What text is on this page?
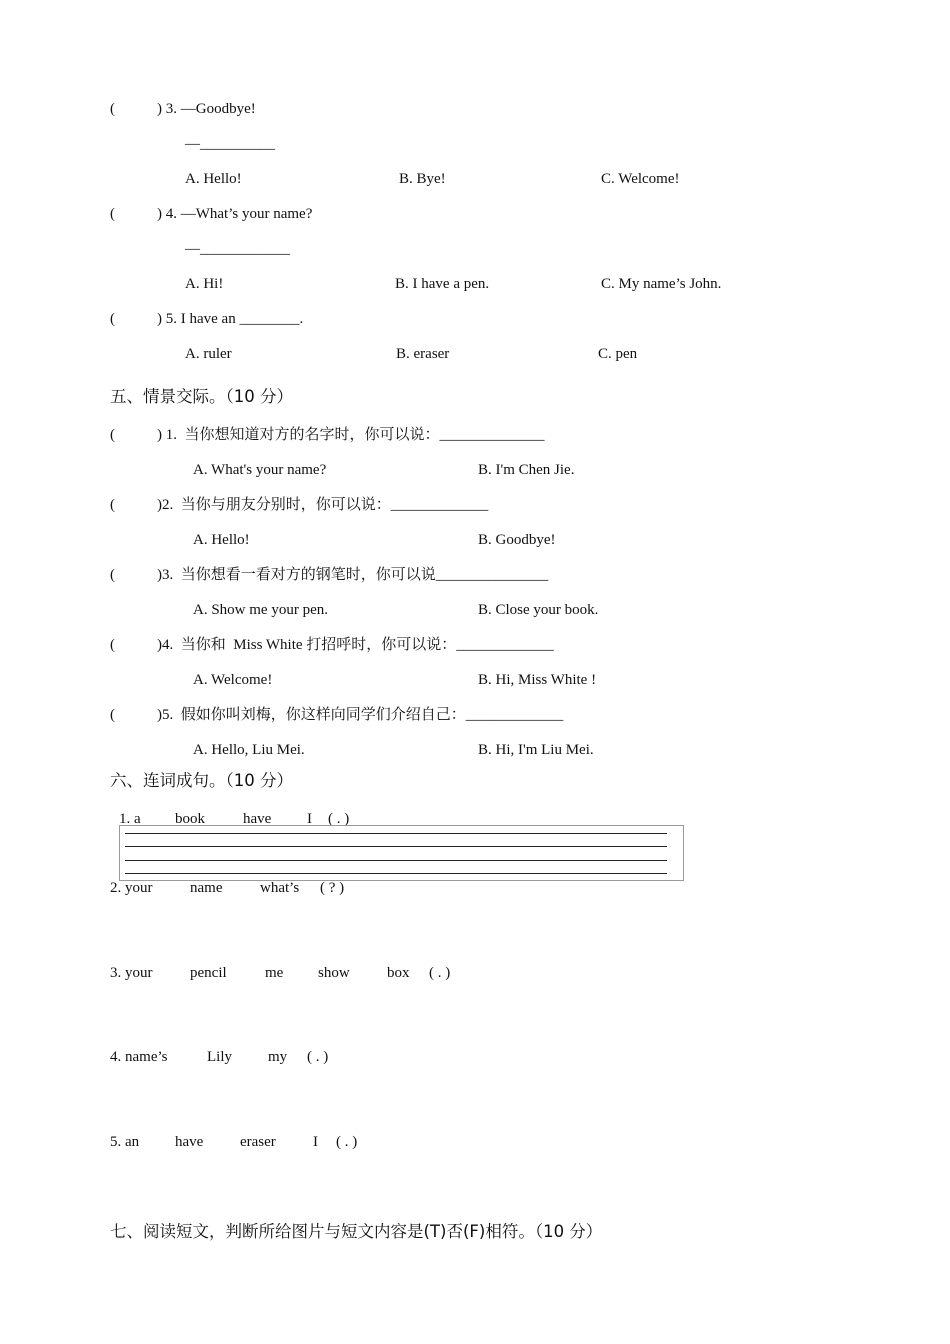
(	) 3. —Goodbye!
—__________
A. Hello!	B. Bye!	C. Welcome!
(	) 4. —What’s your name?
—____________
A. Hi!	B. I have a pen.	C. My name’s John.
(	) 5. I have an ________.
A. ruler	B. eraser	C. pen
五、情景交际。（10 分）
(	) 1.  当你想知道对方的名字时，你可以说：______________
A. What's your name?	B. I'm Chen Jie.
(	)2.  当你与朋友分别时，你可以说：_____________
A. Hello!	B. Goodbye!
(	)3.  当你想看一看对方的钢笔时，你可以说_______________
A. Show me your pen.	B. Close your book.
(	)4.  当你和  Miss White 打招呼时，你可以说：_____________
A. Welcome!	B. Hi, Miss White !
(	)5.  假如你叫刘梅，你这样向同学们介绍自己：_____________
A. Hello, Liu Mei.	B. Hi, I'm Liu Mei.
六、连词成句。（10 分）
1. a book	have I ( . )
2. your	name	what’s ( ? )
3. your	pencil	me show box ( . )
4. name’s	Lily my ( . )
5. an have eraser I ( . )
七、阅读短文，判断所给图片与短文内容是(T)否(F)相符。（10 分）
